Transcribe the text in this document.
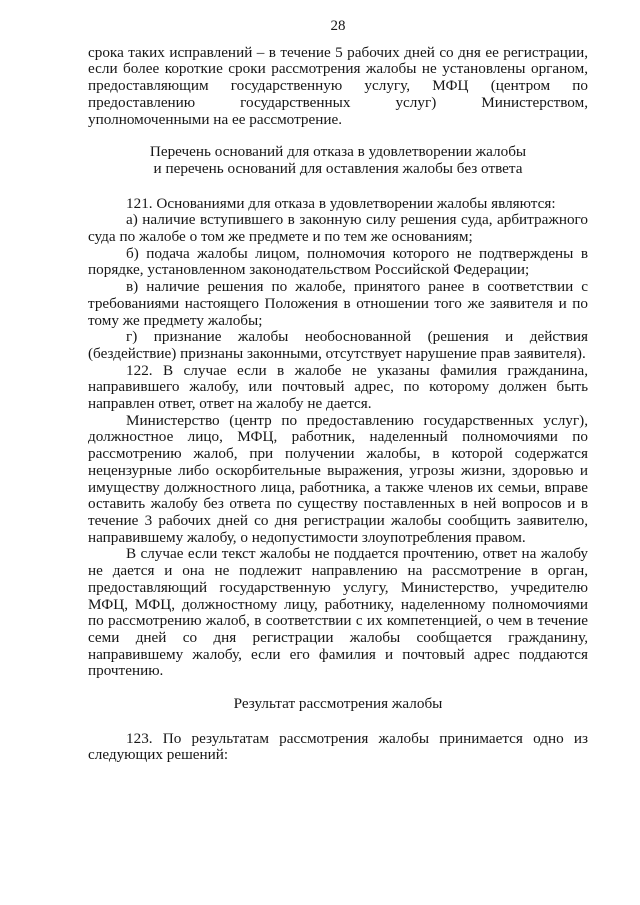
28

срока таких исправлений – в течение 5 рабочих дней со дня ее регистрации, если более короткие сроки рассмотрения жалобы не установлены органом, предоставляющим государственную услугу, МФЦ (центром по предоставлению государственных услуг) Министерством, уполномоченными на ее рассмотрение.

Перечень оснований для отказа в удовлетворении жалобы

и перечень оснований для оставления жалобы без ответа

121. Основаниями для отказа в удовлетворении жалобы являются:

а) наличие вступившего в законную силу решения суда, арбитражного суда по жалобе о том же предмете и по тем же основаниям;

б) подача жалобы лицом, полномочия которого не подтверждены в порядке, установленном законодательством Российской Федерации;

в) наличие решения по жалобе, принятого ранее в соответствии с требованиями настоящего Положения в отношении того же заявителя и по тому же предмету жалобы;

г) признание жалобы необоснованной (решения и действия (бездействие) признаны законными, отсутствует нарушение прав заявителя).

122. В случае если в жалобе не указаны фамилия гражданина, направившего жалобу, или почтовый адрес, по которому должен быть направлен ответ, ответ на жалобу не дается.

Министерство (центр по предоставлению государственных услуг), должностное лицо, МФЦ, работник, наделенный полномочиями по рассмотрению жалоб, при получении жалобы, в которой содержатся нецензурные либо оскорбительные выражения, угрозы жизни, здоровью и имуществу должностного лица, работника, а также членов их семьи, вправе оставить жалобу без ответа по существу поставленных в ней вопросов и в течение 3 рабочих дней со дня регистрации жалобы сообщить заявителю, направившему жалобу, о недопустимости злоупотребления правом.

В случае если текст жалобы не поддается прочтению, ответ на жалобу не дается и она не подлежит направлению на рассмотрение в орган, предоставляющий государственную услугу, Министерство, учредителю МФЦ, МФЦ, должностному лицу, работнику, наделенному полномочиями по рассмотрению жалоб, в соответствии с их компетенцией, о чем в течение семи дней со дня регистрации жалобы сообщается гражданину, направившему жалобу, если его фамилия и почтовый адрес поддаются прочтению.

Результат рассмотрения жалобы

123. По результатам рассмотрения жалобы принимается одно из следующих решений:
